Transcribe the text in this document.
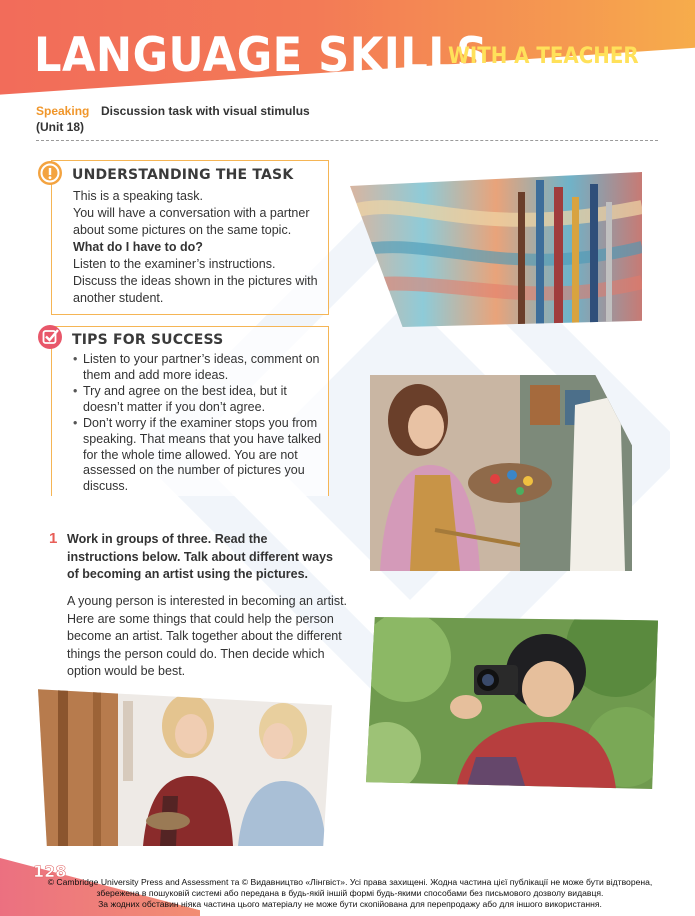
LANGUAGE SKILLS
WITH A TEACHER
Speaking
(Unit 18)
Discussion task with visual stimulus
UNDERSTANDING THE TASK
This is a speaking task.
You will have a conversation with a partner
about some pictures on the same topic.
What do I have to do?
Listen to the examiner’s instructions.
Discuss the ideas shown in the pictures with
another student.
TIPS FOR SUCCESS
• Listen to your partner’s ideas, comment on them and add more ideas.
• Try and agree on the best idea, but it doesn’t matter if you don’t agree.
• Don’t worry if the examiner stops you from speaking. That means that you have talked for the whole time allowed. You are not assessed on the number of pictures you discuss.
1 Work in groups of three. Read the instructions below. Talk about different ways of becoming an artist using the pictures.
A young person is interested in becoming an artist. Here are some things that could help the person become an artist. Talk together about the different things the person could do. Then decide which option would be best.
128
© Cambridge University Press and Assessment та © Видавництво «Лінгвіст». Усі права захищені. Жодна частина цієї публікації не може бути відтворена,
збережена в пошуковій системі або передана в будь-якій іншій формі будь-якими способами без письмового дозволу видавця.
За жодних обставин ніяка частина цього матеріалу не може бути скопійована для перепродажу або для іншого використання.
